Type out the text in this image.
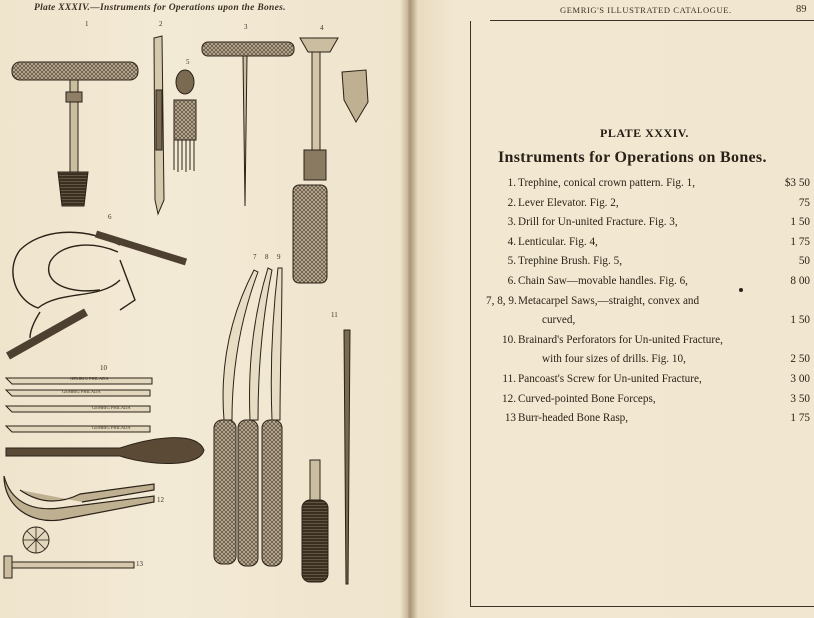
Plate XXXIV.—Instruments for Operations upon the Bones.
1	2	3	4
5
6
7 8 9
10
11
12
13
GEMRIG PHILADA
GEMRIG PHILADA
GEMRIG PHILADA
GEMRIG PHILADA
GEMRIG'S ILLUSTRATED CATALOGUE.	89
PLATE XXXIV.
Instruments for Operations on Bones.
1. Trephine, conical crown pattern. Fig. 1,	$3 50
2. Lever Elevator. Fig. 2,	75
3. Drill for Un-united Fracture. Fig. 3,	1 50
4. Lenticular. Fig. 4,	1 75
5. Trephine Brush. Fig. 5,	50
6. Chain Saw—movable handles. Fig. 6,	8 00
7, 8, 9. Metacarpel Saws,—straight, convex and
curved,	1 50
10. Brainard's Perforators for Un-united Fracture,
with four sizes of drills. Fig. 10,	2 50
11. Pancoast's Screw for Un-united Fracture,	3 00
12. Curved-pointed Bone Forceps,	3 50
13 Burr-headed Bone Rasp,	1 75
